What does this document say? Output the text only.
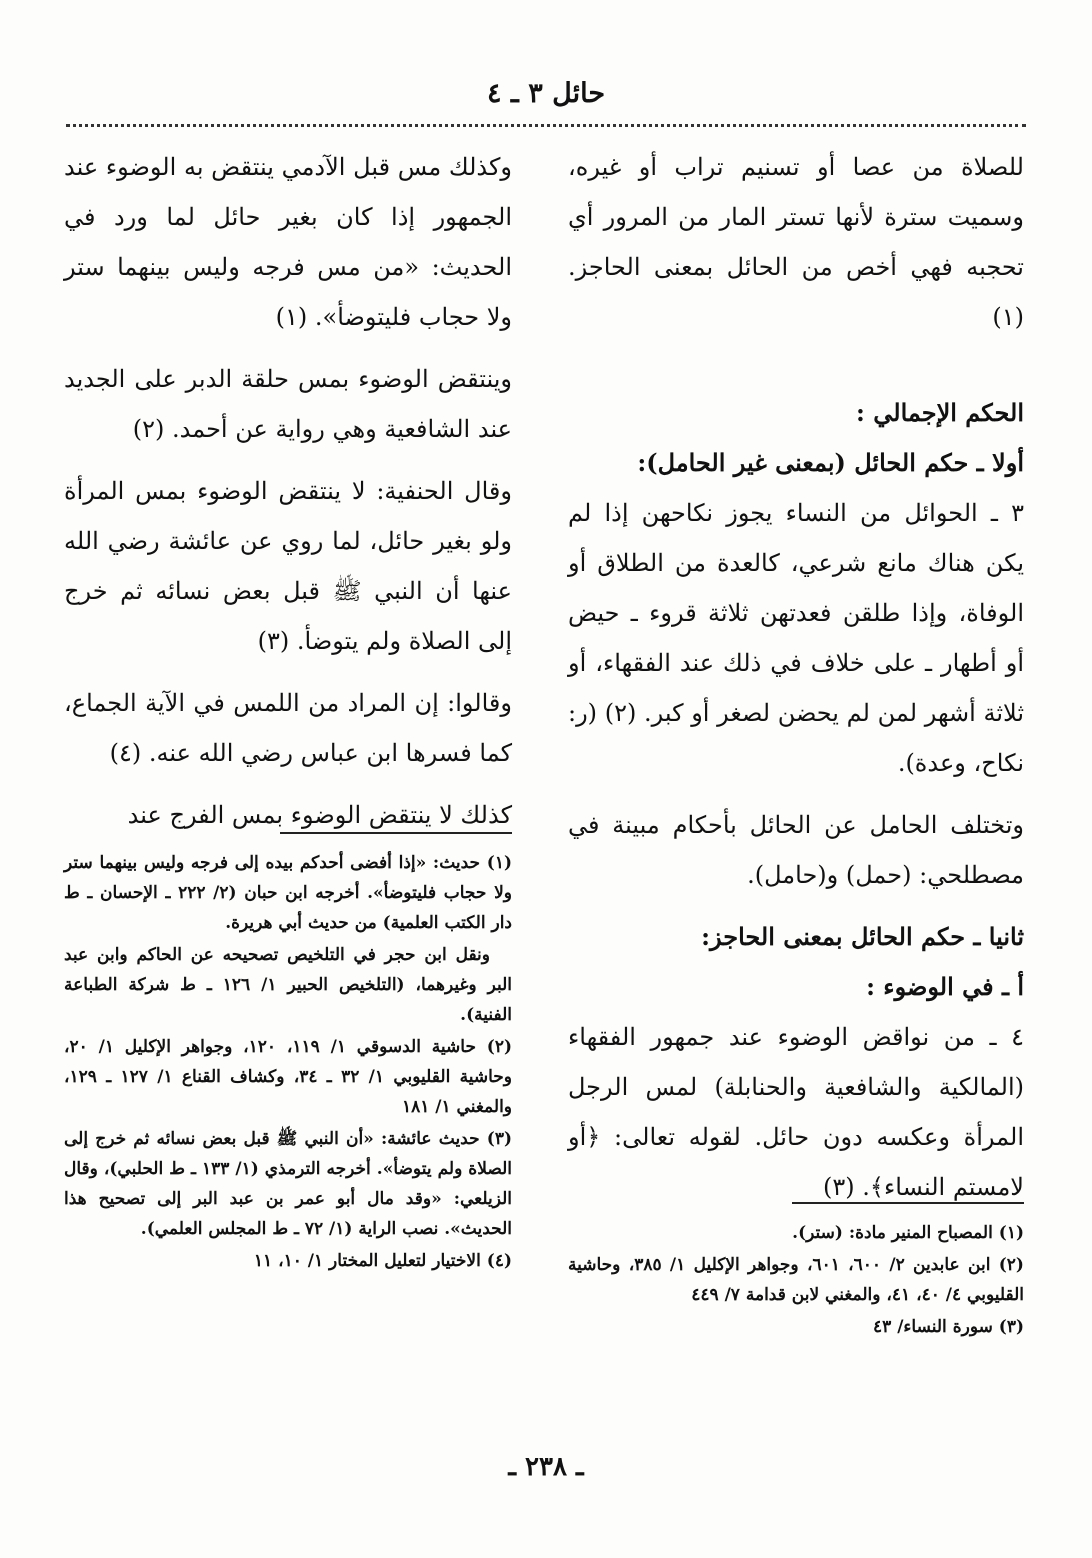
حائل ٣ ـ ٤

للصلاة من عصا أو تسنيم تراب أو غيره، وسميت سترة لأنها تستر المار من المرور أي تحجبه فهي أخص من الحائل بمعنى الحاجز. (١)

الحكم الإجمالي :
أولا ـ حكم الحائل (بمعنى غير الحامل):

٣ ـ الحوائل من النساء يجوز نكاحهن إذا لم يكن هناك مانع شرعي، كالعدة من الطلاق أو الوفاة، وإذا طلقن فعدتهن ثلاثة قروء ـ حيض أو أطهار ـ على خلاف في ذلك عند الفقهاء، أو ثلاثة أشهر لمن لم يحضن لصغر أو كبر. (٢) (ر: نكاح، وعدة).

وتختلف الحامل عن الحائل بأحكام مبينة في مصطلحي: (حمل) و(حامل).

ثانيا ـ حكم الحائل بمعنى الحاجز:
أ ـ في الوضوء :

٤ ـ من نواقض الوضوء عند جمهور الفقهاء (المالكية والشافعية والحنابلة) لمس الرجل المرأة وعكسه دون حائل. لقوله تعالى: ﴿أو لامستم النساء﴾. (٣)

(١) المصباح المنير مادة: (ستر).

(٢) ابن عابدين ٢/ ٦٠٠، ٦٠١، وجواهر الإكليل ١/ ٣٨٥، وحاشية القليوبي ٤/ ٤٠، ٤١، والمغني لابن قدامة ٧/ ٤٤٩

(٣) سورة النساء/ ٤٣

وكذلك مس قبل الآدمي ينتقض به الوضوء عند الجمهور إذا كان بغير حائل لما ورد في الحديث: «من مس فرجه وليس بينهما ستر ولا حجاب فليتوضأ». (١)

وينتقض الوضوء بمس حلقة الدبر على الجديد عند الشافعية وهي رواية عن أحمد. (٢)

وقال الحنفية: لا ينتقض الوضوء بمس المرأة ولو بغير حائل، لما روي عن عائشة رضي الله عنها أن النبي ﷺ قبل بعض نسائه ثم خرج إلى الصلاة ولم يتوضأ. (٣)

وقالوا: إن المراد من اللمس في الآية الجماع، كما فسرها ابن عباس رضي الله عنه. (٤)

كذلك لا ينتقض الوضوء بمس الفرج عند

(١) حديث: «إذا أفضى أحدكم بيده إلى فرجه وليس بينهما ستر ولا حجاب فليتوضأ». أخرجه ابن حبان (٢/ ٢٢٢ ـ الإحسان ـ ط دار الكتب العلمية) من حديث أبي هريرة.

ونقل ابن حجر في التلخيص تصحيحه عن الحاكم وابن عبد البر وغيرهما، (التلخيص الحبير ١/ ١٢٦ ـ ط شركة الطباعة الفنية).

(٢) حاشية الدسوقي ١/ ١١٩، ١٢٠، وجواهر الإكليل ١/ ٢٠، وحاشية القليوبي ١/ ٣٢ ـ ٣٤، وكشاف القناع ١/ ١٢٧ ـ ١٢٩، والمغني ١/ ١٨١

(٣) حديث عائشة: «أن النبي ﷺ قبل بعض نسائه ثم خرج إلى الصلاة ولم يتوضأ». أخرجه الترمذي (١/ ١٣٣ ـ ط الحلبي)، وقال الزيلعي: «وقد مال أبو عمر بن عبد البر إلى تصحيح هذا الحديث». نصب الراية (١/ ٧٢ ـ ط المجلس العلمي).

(٤) الاختيار لتعليل المختار ١/ ١٠، ١١

ـ ٢٣٨ ـ
